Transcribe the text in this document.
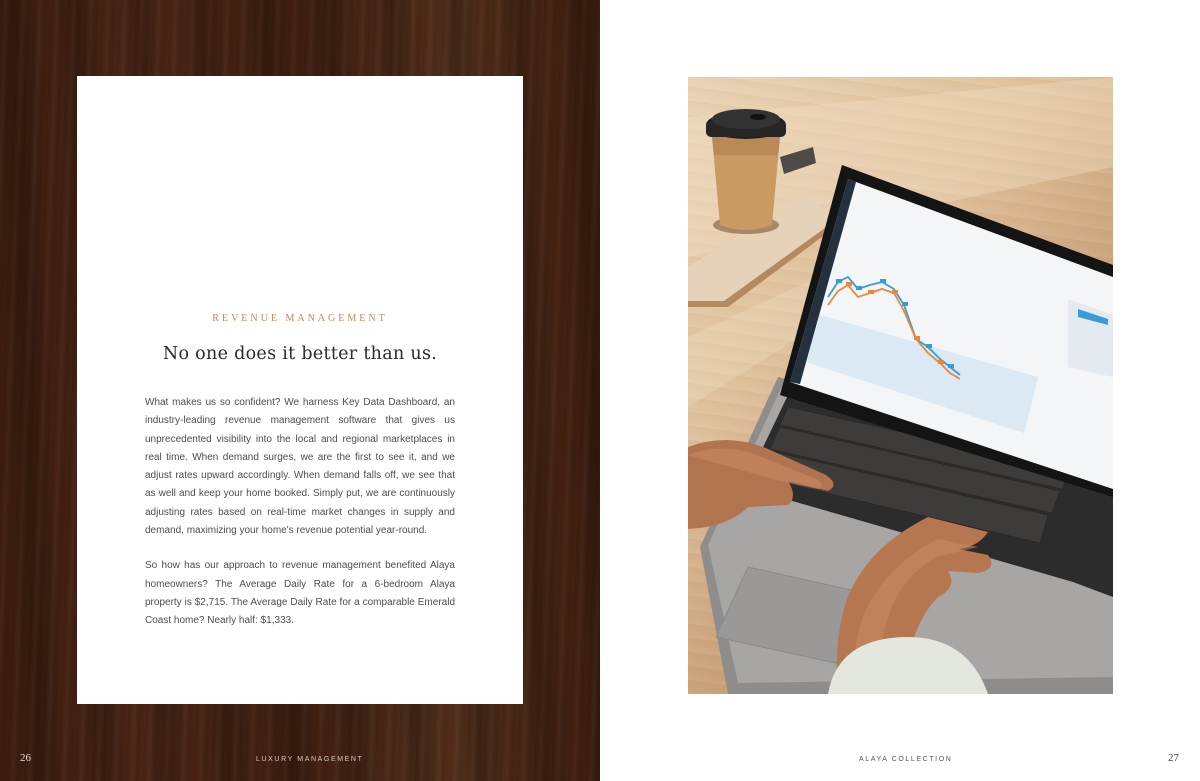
REVENUE MANAGEMENT
No one does it better than us.

What makes us so confident? We harness Key Data Dashboard, an industry-leading revenue management software that gives us unprecedented visibility into the local and regional marketplaces in real time. When demand surges, we are the first to see it, and we adjust rates upward accordingly. When demand falls off, we see that as well and keep your home booked. Simply put, we are continuously adjusting rates based on real-time market changes in supply and demand, maximizing your home's revenue potential year-round.

So how has our approach to revenue management benefited Alaya homeowners? The Average Daily Rate for a 6-bedroom Alaya property is $2,715. The Average Daily Rate for a comparable Emerald Coast home? Nearly half: $1,333.

26	LUXURY MANAGEMENT	ALAYA COLLECTION	27
